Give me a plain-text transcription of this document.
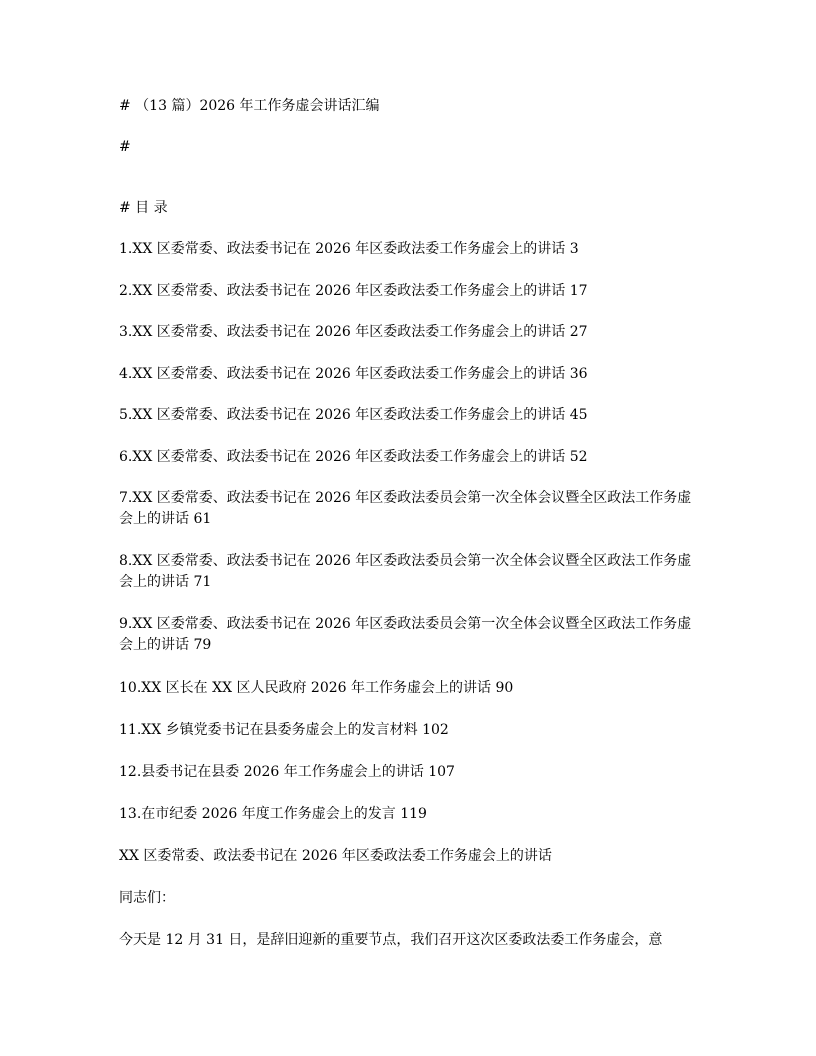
# （13 篇）2026 年工作务虚会讲话汇编
#
# 目 录
1.XX 区委常委、政法委书记在 2026 年区委政法委工作务虚会上的讲话 3
2.XX 区委常委、政法委书记在 2026 年区委政法委工作务虚会上的讲话 17
3.XX 区委常委、政法委书记在 2026 年区委政法委工作务虚会上的讲话 27
4.XX 区委常委、政法委书记在 2026 年区委政法委工作务虚会上的讲话 36
5.XX 区委常委、政法委书记在 2026 年区委政法委工作务虚会上的讲话 45
6.XX 区委常委、政法委书记在 2026 年区委政法委工作务虚会上的讲话 52
7.XX 区委常委、政法委书记在 2026 年区委政法委员会第一次全体会议暨全区政法工作务虚会上的讲话 61
8.XX 区委常委、政法委书记在 2026 年区委政法委员会第一次全体会议暨全区政法工作务虚会上的讲话 71
9.XX 区委常委、政法委书记在 2026 年区委政法委员会第一次全体会议暨全区政法工作务虚会上的讲话 79
10.XX 区长在 XX 区人民政府 2026 年工作务虚会上的讲话 90
11.XX 乡镇党委书记在县委务虚会上的发言材料 102
12.县委书记在县委 2026 年工作务虚会上的讲话 107
13.在市纪委 2026 年度工作务虚会上的发言 119
XX 区委常委、政法委书记在 2026 年区委政法委工作务虚会上的讲话
同志们：
今天是 12 月 31 日，是辞旧迎新的重要节点，我们召开这次区委政法委工作务虚会，意
